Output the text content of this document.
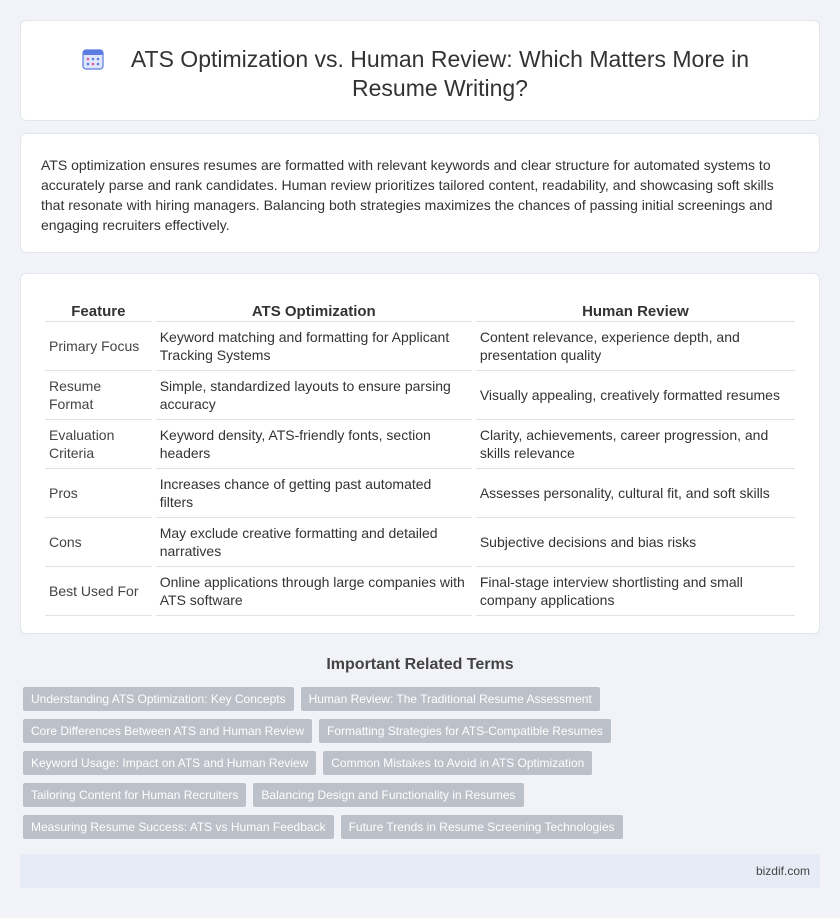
ATS Optimization vs. Human Review: Which Matters More in Resume Writing?

ATS optimization ensures resumes are formatted with relevant keywords and clear structure for automated systems to accurately parse and rank candidates. Human review prioritizes tailored content, readability, and showcasing soft skills that resonate with hiring managers. Balancing both strategies maximizes the chances of passing initial screenings and engaging recruiters effectively.

Feature	ATS Optimization	Human Review
Primary Focus	Keyword matching and formatting for Applicant Tracking Systems	Content relevance, experience depth, and presentation quality
Resume Format	Simple, standardized layouts to ensure parsing accuracy	Visually appealing, creatively formatted resumes
Evaluation Criteria	Keyword density, ATS-friendly fonts, section headers	Clarity, achievements, career progression, and skills relevance
Pros	Increases chance of getting past automated filters	Assesses personality, cultural fit, and soft skills
Cons	May exclude creative formatting and detailed narratives	Subjective decisions and bias risks
Best Used For	Online applications through large companies with ATS software	Final-stage interview shortlisting and small company applications
Important Related Terms
Understanding ATS Optimization: Key Concepts	Human Review: The Traditional Resume Assessment
Core Differences Between ATS and Human Review	Formatting Strategies for ATS-Compatible Resumes
Keyword Usage: Impact on ATS and Human Review	Common Mistakes to Avoid in ATS Optimization
Tailoring Content for Human Recruiters	Balancing Design and Functionality in Resumes
Measuring Resume Success: ATS vs Human Feedback	Future Trends in Resume Screening Technologies
bizdif.com
